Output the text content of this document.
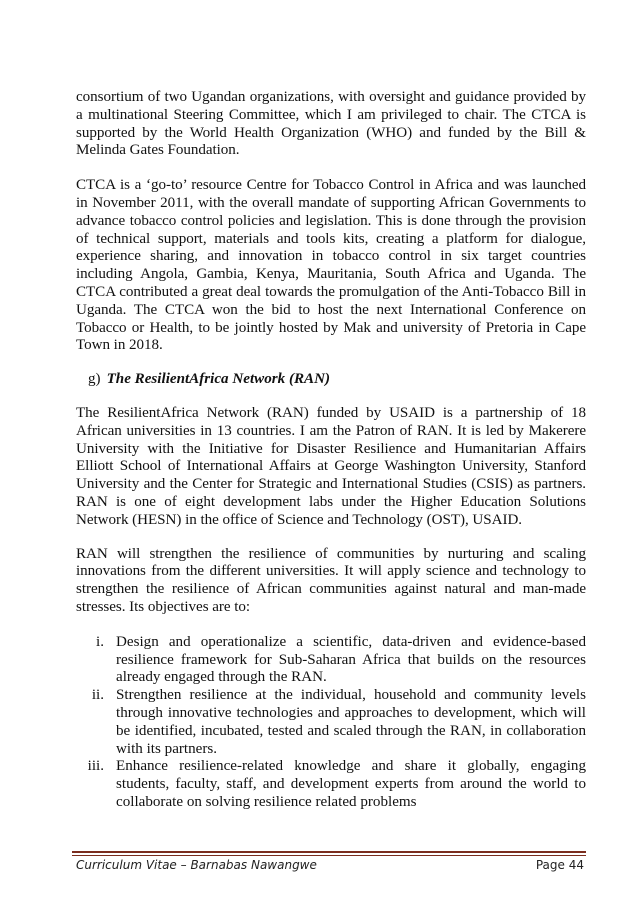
consortium of two Ugandan organizations, with oversight and guidance provided by a multinational Steering Committee, which I am privileged to chair. The CTCA is supported by the World Health Organization (WHO) and funded by the Bill & Melinda Gates Foundation.

CTCA is a ‘go-to’ resource Centre for Tobacco Control in Africa and was launched in November 2011, with the overall mandate of supporting African Governments to advance tobacco control policies and legislation. This is done through the provision of technical support, materials and tools kits, creating a platform for dialogue, experience sharing, and innovation in tobacco control in six target countries including Angola, Gambia, Kenya, Mauritania, South Africa and Uganda. The CTCA contributed a great deal towards the promulgation of the Anti-Tobacco Bill in Uganda. The CTCA won the bid to host the next International Conference on Tobacco or Health, to be jointly hosted by Mak and university of Pretoria in Cape Town in 2018.

g) The ResilientAfrica Network (RAN)

The ResilientAfrica Network (RAN) funded by USAID is a partnership of 18 African universities in 13 countries. I am the Patron of RAN. It is led by Makerere University with the Initiative for Disaster Resilience and Humanitarian Affairs Elliott School of International Affairs at George Washington University, Stanford University and the Center for Strategic and International Studies (CSIS) as partners. RAN is one of eight development labs under the Higher Education Solutions Network (HESN) in the office of Science and Technology (OST), USAID.

RAN will strengthen the resilience of communities by nurturing and scaling innovations from the different universities. It will apply science and technology to strengthen the resilience of African communities against natural and man-made stresses. Its objectives are to:

i. Design and operationalize a scientific, data-driven and evidence-based resilience framework for Sub-Saharan Africa that builds on the resources already engaged through the RAN.
ii. Strengthen resilience at the individual, household and community levels through innovative technologies and approaches to development, which will be identified, incubated, tested and scaled through the RAN, in collaboration with its partners.
iii. Enhance resilience-related knowledge and share it globally, engaging students, faculty, staff, and development experts from around the world to collaborate on solving resilience related problems
Curriculum Vitae – Barnabas Nawangwe	Page 44
